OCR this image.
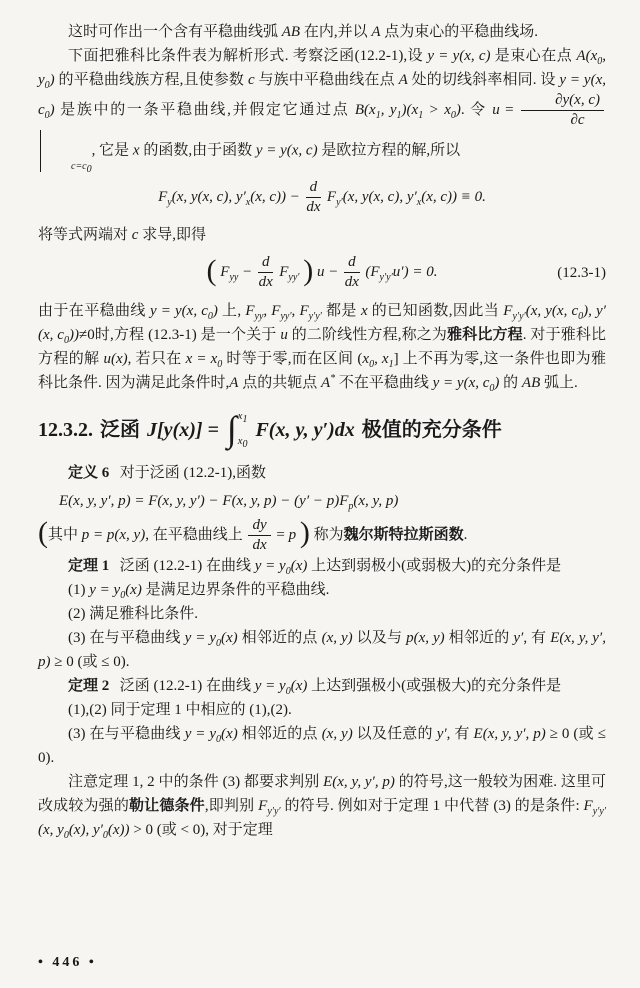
这时可作出一个含有平稳曲线弧 AB 在内,并以 A 点为束心的平稳曲线场.

下面把雅科比条件表为解析形式. 考察泛函(12.2-1),设 y = y(x, c) 是束心在点 $A(x_0$, $y_0$) 的平稳曲线族方程,且使参数 c 与族中平稳曲线在点 A 处的切线斜率相同. 设 y = y(x, $c_0$) 是族中的一条平稳曲线,并假定它通过点 $B(x_1$, $y_1)(x_1 > x_0)$. 令 $u = \frac{\partial y(x, c)}{\partial c}$
$c=c_0$
, 它是 x 的函数,由于函数 y = y(x, c) 是欧拉方程的解,所以

$F_y(x$, y(x, c), $y'_x(x$, $c)) - \frac{d}{dx} F_{y'}(x$, y(x, c), $y'_x(x$, c)) ≡ 0.

将等式两端对 c 求导,即得

( $F_{yy} - \frac{d}{dx} F_{yy'}$ ) $u - \frac{d}{dx} (F_{y'y'}u') = 0$.	(12.3-1)

由于在平稳曲线 y = y(x, $c_0$) 上, $F_{yy}$, $F_{yy'}$, $F_{y'y'}$ 都是 x 的已知函数,因此当 $F_{y'y'}(x$, y(x, $c_0$), y′(x, $c_0))\ne 0$时,方程 (12.3-1) 是一个关于 u 的二阶线性方程,称之为雅科比方程. 对于雅科比方程的解 u(x), 若只在 $x = x_0$ 时等于零,而在区间 ($x_0$, $x_1$] 上不再为零,这一条件也即为雅科比条件. 因为满足此条件时,A 点的共轭点 A* 不在平稳曲线 y = y(x, $c_0$) 的 AB 弧上.

12.3.2. 泛函 J[y(x)] = ∫ $x_1$
$x_0$
F(x, y, y′)dx 极值的充分条件

定义 6 对于泛函 (12.2-1),函数

E(x, y, y′, p) = F(x, y, y′) − F(x, y, $p) - (y' - p)F_p(x$, y, p)

(其中 p = p(x, y), 在平稳曲线上 $\frac{dy}{dx} = p$ ) 称为魏尔斯特拉斯函数.

定理 1 泛函 (12.2-1) 在曲线 $y = y_0(x)$ 上达到弱极小(或弱极大)的充分条件是

(1) $y = y_0(x)$ 是满足边界条件的平稳曲线.

(2) 满足雅科比条件.

(3) 在与平稳曲线 $y = y_0(x)$ 相邻近的点 (x, y) 以及与 p(x, y) 相邻近的 y′, 有 E(x, y, y′, p) ≥ 0 (或 ≤ 0).

定理 2 泛函 (12.2-1) 在曲线 $y = y_0(x)$ 上达到强极小(或强极大)的充分条件是

(1),(2) 同于定理 1 中相应的 (1),(2).

(3) 在与平稳曲线 $y = y_0(x)$ 相邻近的点 (x, y) 以及任意的 y′, 有 E(x, y, y′, p) ≥ 0 (或 ≤ 0).

注意定理 1, 2 中的条件 (3) 都要求判别 E(x, y, y′, p) 的符号,这一般较为困难. 这里可改成较为强的勒让德条件,即判别 $F_{y'y'}$ 的符号. 例如对于定理 1 中代替 (3) 的是条件: $F_{y'y'}(x$, $y_0(x)$, $y'_0(x)) > 0$ (或 < 0), 对于定理

• 446 •
